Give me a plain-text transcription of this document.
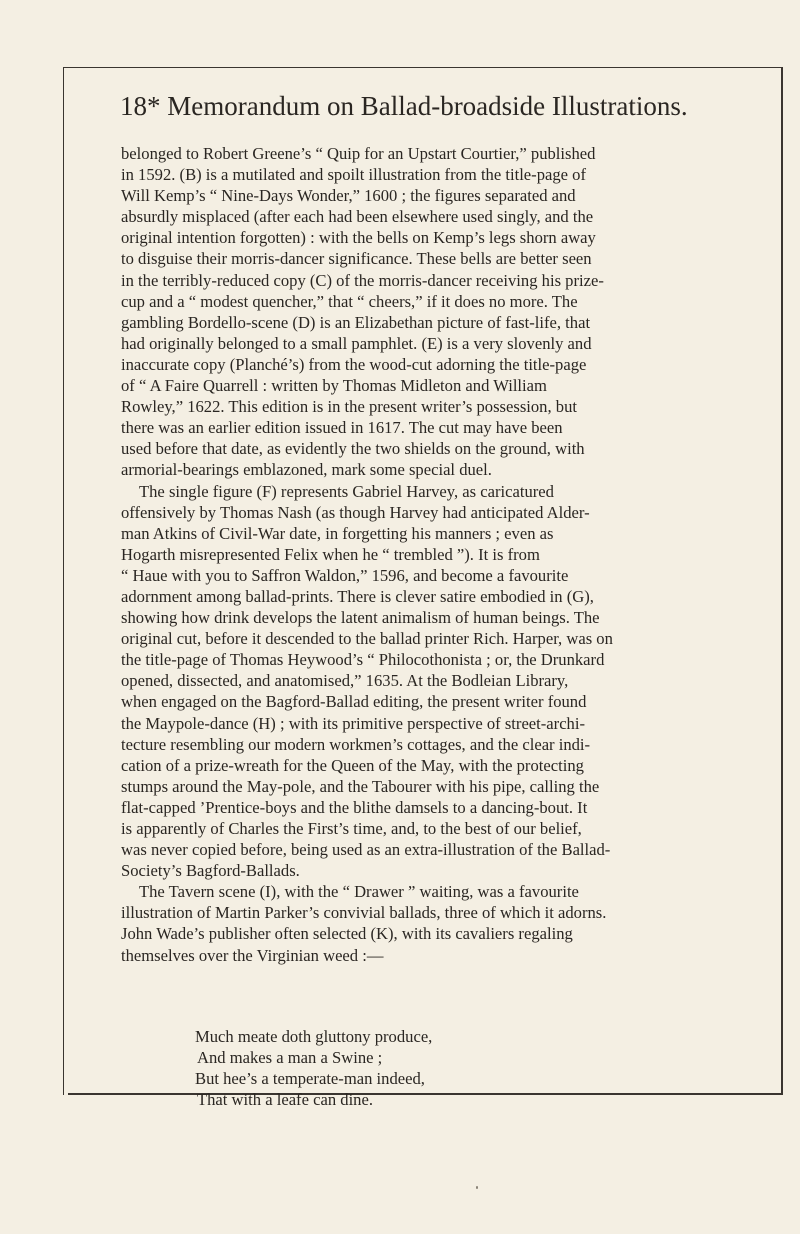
18* Memorandum on Ballad-broadside Illustrations.
belonged to Robert Greene’s “ Quip for an Upstart Courtier,” published
in 1592. (B) is a mutilated and spoilt illustration from the title-page of
Will Kemp’s “ Nine-Days Wonder,” 1600 ; the figures separated and
absurdly misplaced (after each had been elsewhere used singly, and the
original intention forgotten) : with the bells on Kemp’s legs shorn away
to disguise their morris-dancer significance. These bells are better seen
in the terribly-reduced copy (C) of the morris-dancer receiving his prize-
cup and a “ modest quencher,” that “ cheers,” if it does no more. The
gambling Bordello-scene (D) is an Elizabethan picture of fast-life, that
had originally belonged to a small pamphlet. (E) is a very slovenly and
inaccurate copy (Planché’s) from the wood-cut adorning the title-page
of “ A Faire Quarrell : written by Thomas Midleton and William
Rowley,” 1622. This edition is in the present writer’s possession, but
there was an earlier edition issued in 1617. The cut may have been
used before that date, as evidently the two shields on the ground, with
armorial-bearings emblazoned, mark some special duel.
The single figure (F) represents Gabriel Harvey, as caricatured
offensively by Thomas Nash (as though Harvey had anticipated Alder-
man Atkins of Civil-War date, in forgetting his manners ; even as
Hogarth misrepresented Felix when he “ trembled ”). It is from
“ Haue with you to Saffron Waldon,” 1596, and become a favourite
adornment among ballad-prints. There is clever satire embodied in (G),
showing how drink develops the latent animalism of human beings. The
original cut, before it descended to the ballad printer Rich. Harper, was on
the title-page of Thomas Heywood’s “ Philocothonista ; or, the Drunkard
opened, dissected, and anatomised,” 1635. At the Bodleian Library,
when engaged on the Bagford-Ballad editing, the present writer found
the Maypole-dance (H) ; with its primitive perspective of street-archi-
tecture resembling our modern workmen’s cottages, and the clear indi-
cation of a prize-wreath for the Queen of the May, with the protecting
stumps around the May-pole, and the Tabourer with his pipe, calling the
flat-capped ’Prentice-boys and the blithe damsels to a dancing-bout. It
is apparently of Charles the First’s time, and, to the best of our belief,
was never copied before, being used as an extra-illustration of the Ballad-
Society’s Bagford-Ballads.
The Tavern scene (I), with the “ Drawer ” waiting, was a favourite
illustration of Martin Parker’s convivial ballads, three of which it adorns.
John Wade’s publisher often selected (K), with its cavaliers regaling
themselves over the Virginian weed :—
Much meate doth gluttony produce,
And makes a man a Swine ;
But hee’s a temperate-man indeed,
That with a leafe can dine.
